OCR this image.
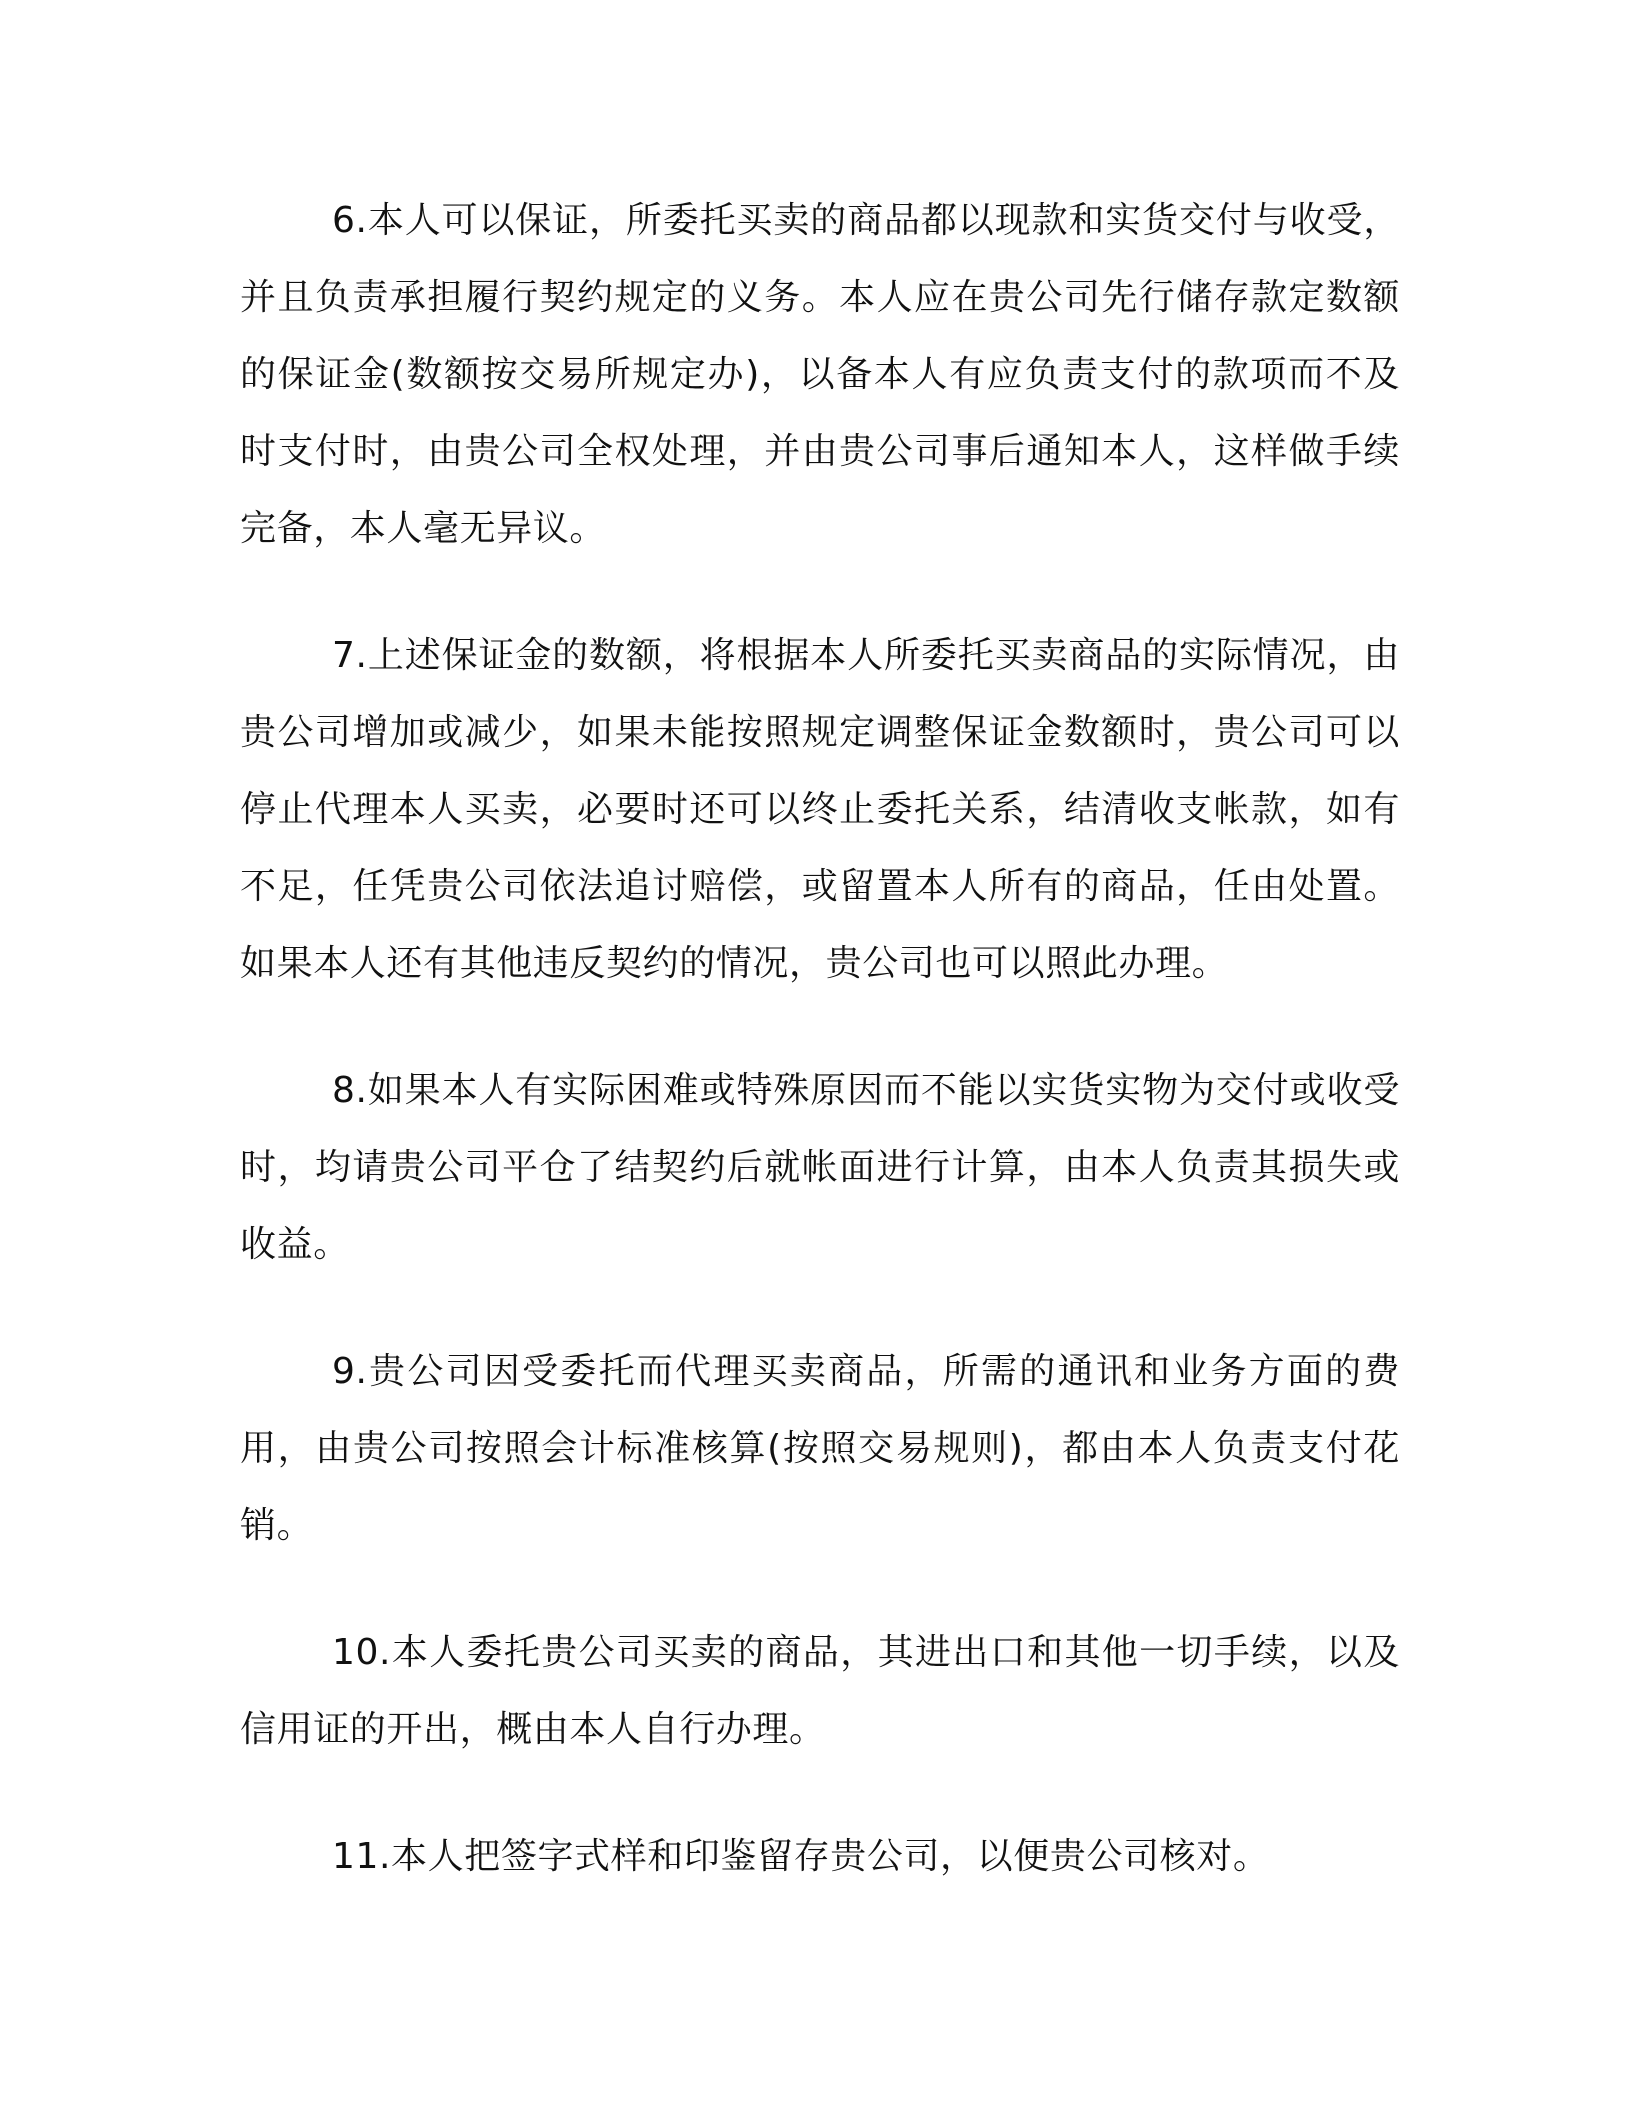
6.本人可以保证，所委托买卖的商品都以现款和实货交付与收受，并且负责承担履行契约规定的义务。本人应在贵公司先行储存款定数额的保证金(数额按交易所规定办)，以备本人有应负责支付的款项而不及时支付时，由贵公司全权处理，并由贵公司事后通知本人，这样做手续完备，本人毫无异议。

7.上述保证金的数额，将根据本人所委托买卖商品的实际情况，由贵公司增加或减少，如果未能按照规定调整保证金数额时，贵公司可以停止代理本人买卖，必要时还可以终止委托关系，结清收支帐款，如有不足，任凭贵公司依法追讨赔偿，或留置本人所有的商品，任由处置。如果本人还有其他违反契约的情况，贵公司也可以照此办理。

8.如果本人有实际困难或特殊原因而不能以实货实物为交付或收受时，均请贵公司平仓了结契约后就帐面进行计算，由本人负责其损失或收益。

9.贵公司因受委托而代理买卖商品，所需的通讯和业务方面的费用，由贵公司按照会计标准核算(按照交易规则)，都由本人负责支付花销。

10.本人委托贵公司买卖的商品，其进出口和其他一切手续，以及信用证的开出，概由本人自行办理。

11.本人把签字式样和印鉴留存贵公司，以便贵公司核对。
